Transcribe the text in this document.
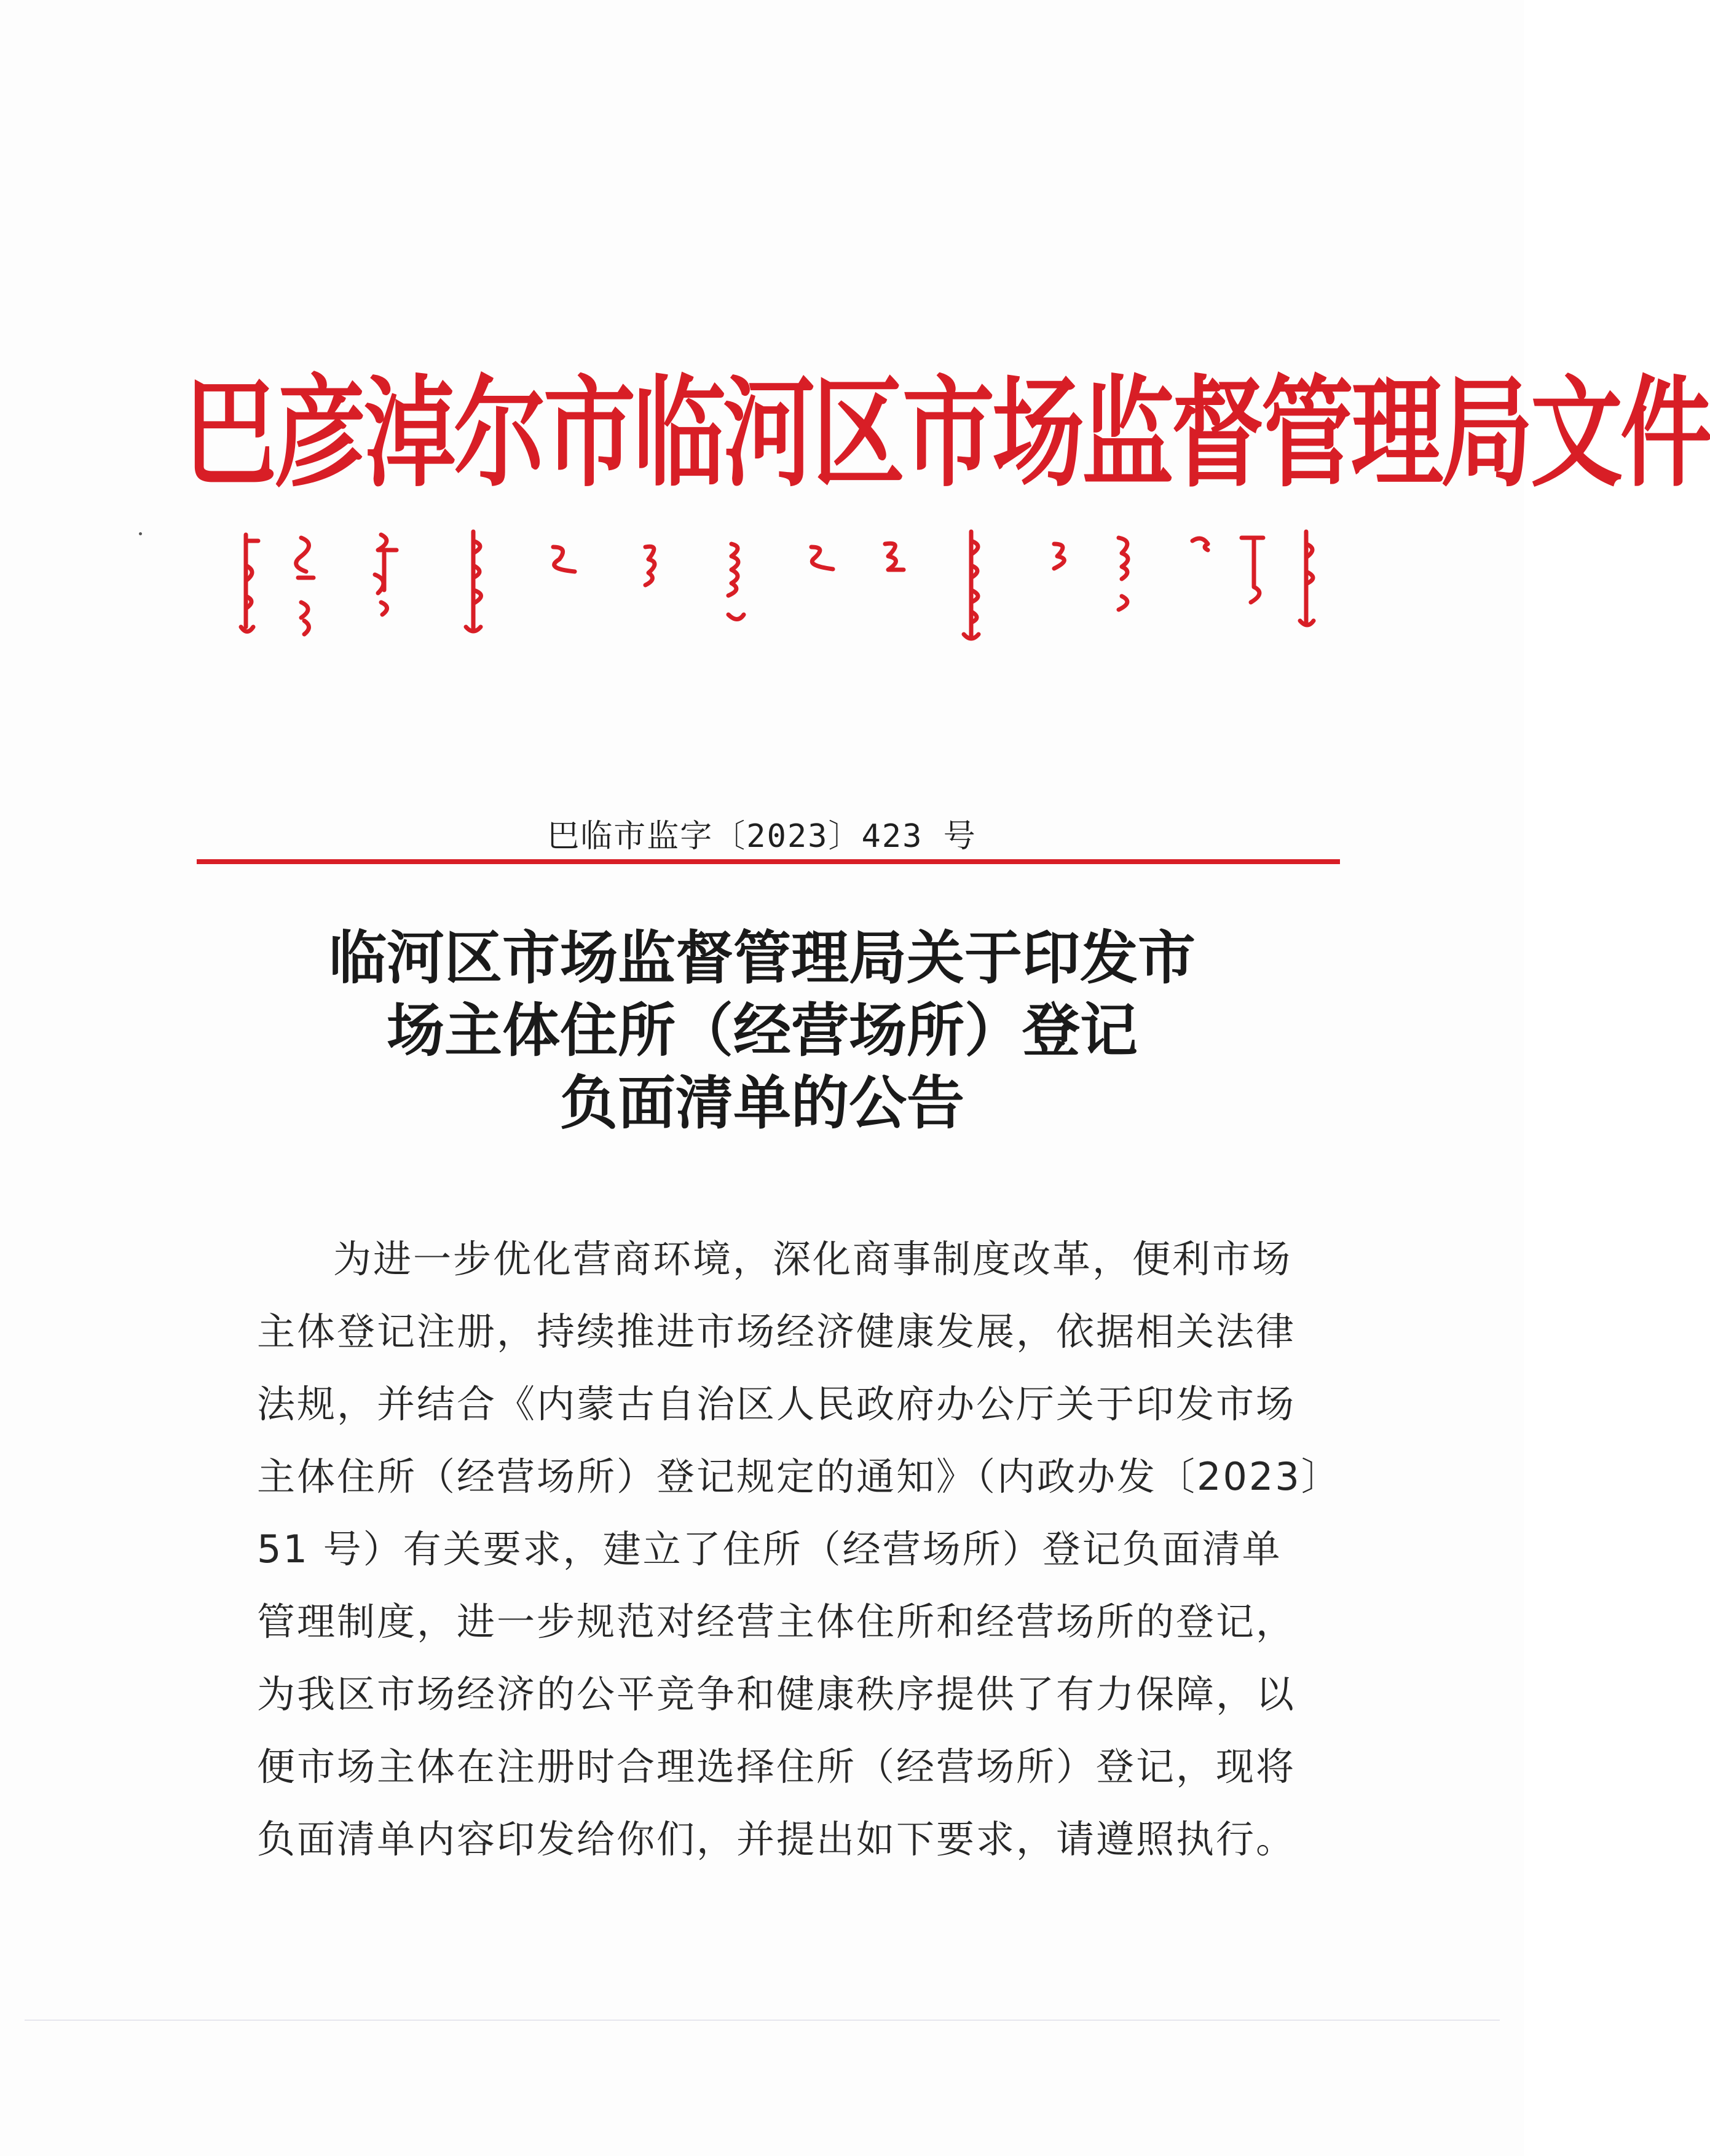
巴彦淖尔市临河区市场监督管理局文件
巴临市监字〔2023〕423 号
临河区市场监督管理局关于印发市
场主体住所（经营场所）登记
负面清单的公告
为进一步优化营商环境，深化商事制度改革，便利市场
主体登记注册，持续推进市场经济健康发展，依据相关法律
法规，并结合《内蒙古自治区人民政府办公厅关于印发市场
主体住所（经营场所）登记规定的通知》（内政办发〔2023〕
51 号）有关要求，建立了住所（经营场所）登记负面清单
管理制度，进一步规范对经营主体住所和经营场所的登记，
为我区市场经济的公平竞争和健康秩序提供了有力保障，以
便市场主体在注册时合理选择住所（经营场所）登记，现将
负面清单内容印发给你们，并提出如下要求，请遵照执行。
